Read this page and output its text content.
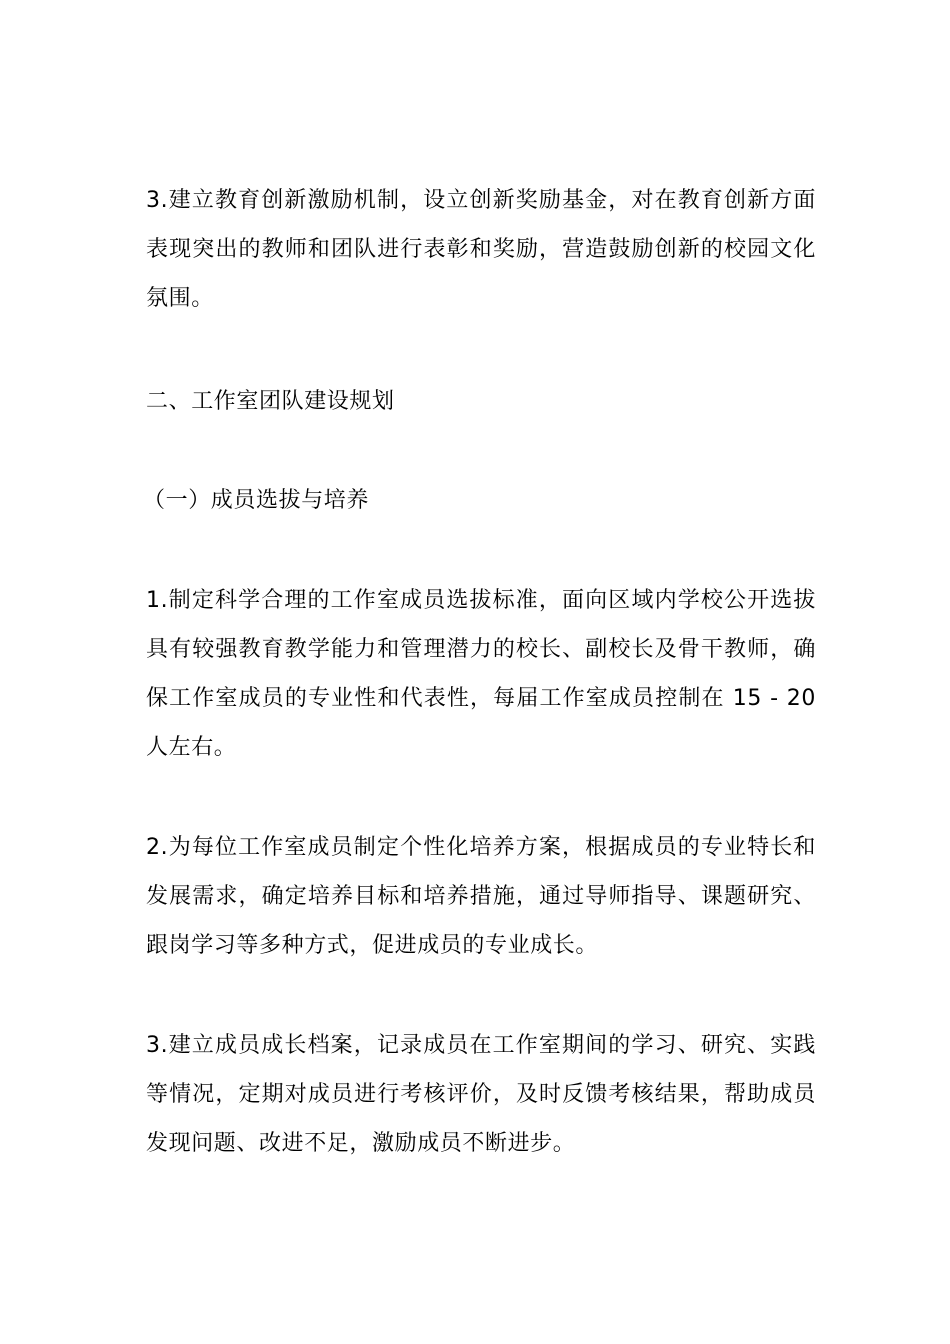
3.建立教育创新激励机制，设立创新奖励基金，对在教育创新方面表现突出的教师和团队进行表彰和奖励，营造鼓励创新的校园文化氛围。

二、工作室团队建设规划

（一）成员选拔与培养

1.制定科学合理的工作室成员选拔标准，面向区域内学校公开选拔具有较强教育教学能力和管理潜力的校长、副校长及骨干教师，确保工作室成员的专业性和代表性，每届工作室成员控制在 15 - 20 人左右。

2.为每位工作室成员制定个性化培养方案，根据成员的专业特长和发展需求，确定培养目标和培养措施，通过导师指导、课题研究、跟岗学习等多种方式，促进成员的专业成长。

3.建立成员成长档案，记录成员在工作室期间的学习、研究、实践等情况，定期对成员进行考核评价，及时反馈考核结果，帮助成员发现问题、改进不足，激励成员不断进步。
